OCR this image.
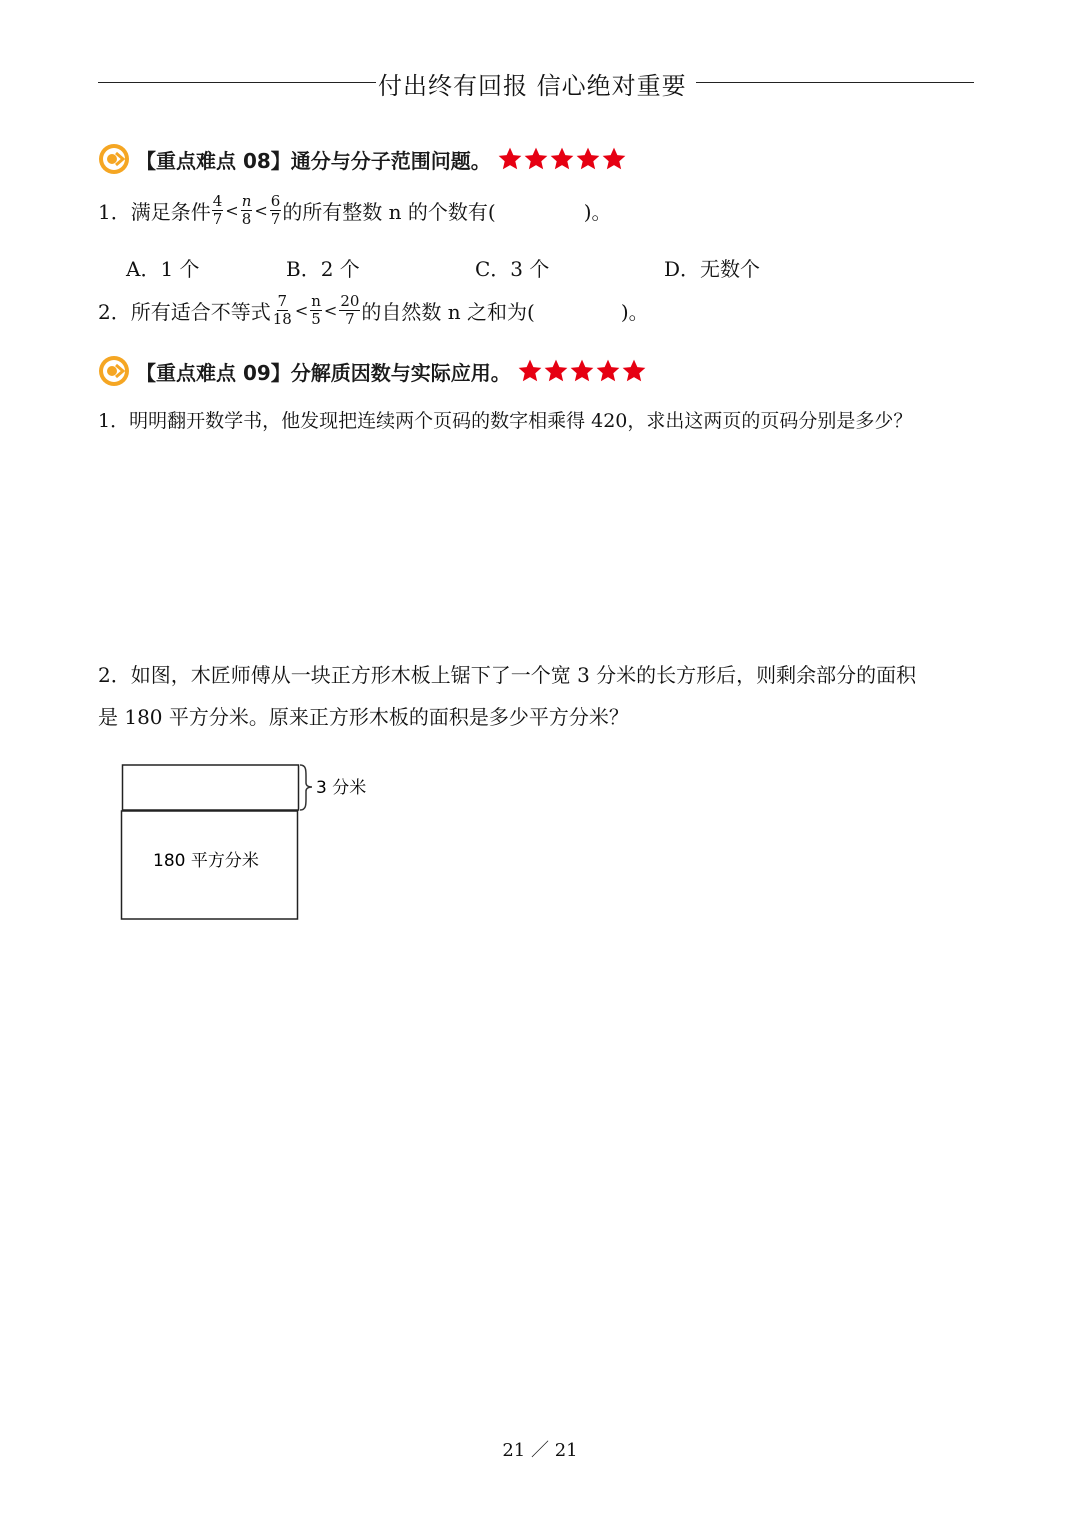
付出终有回报 信心绝对重要
【重点难点 08】通分与分子范围问题。
1．满足条件 $\frac{4}{7} < \frac{n}{8} < \frac{6}{7}$ 的所有整数 n 的个数有(	)。
A．1 个	B．2 个	C．3 个	D．无数个
2．所有适合不等式 $\frac{7}{18} < \frac{n}{5} < \frac{20}{7}$ 的自然数 n 之和为(	)。
【重点难点 09】分解质因数与实际应用。
1．明明翻开数学书，他发现把连续两个页码的数字相乘得 420，求出这两页的页码分别是多少？
2．如图，木匠师傅从一块正方形木板上锯下了一个宽 3 分米的长方形后，则剩余部分的面积
是 180 平方分米。原来正方形木板的面积是多少平方分米？
3 分米
180 平方分米
21 ／ 21
